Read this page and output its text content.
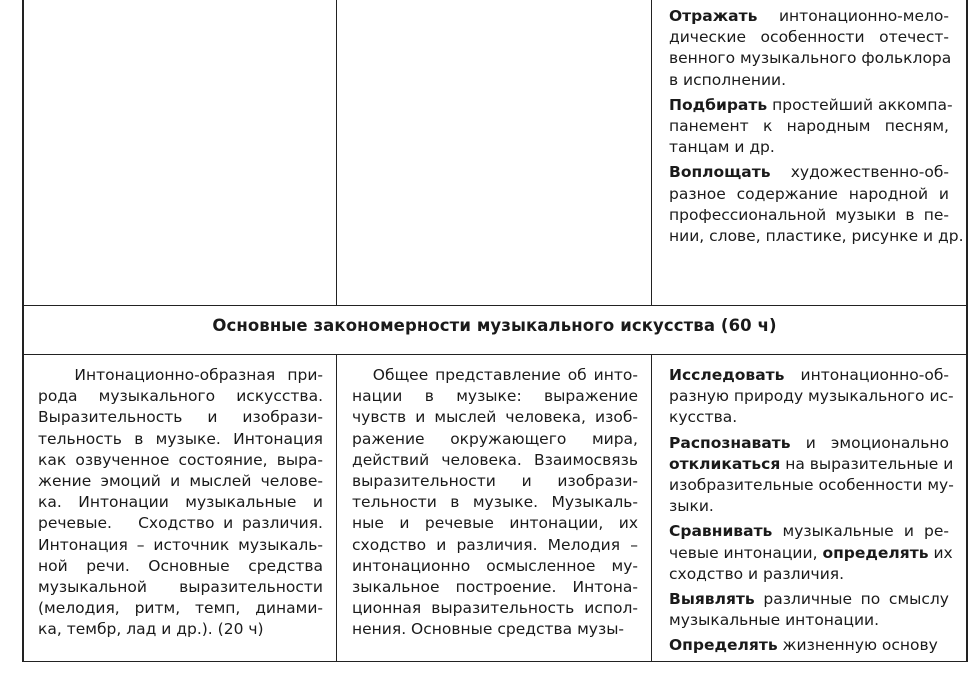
Отражать интонационно-мело-
дические особенности отечест-
венного музыкального фольклора
в исполнении.
Подбирать простейший аккомпа-
панемент к народным песням,
танцам и др.
Воплощать художественно-об-
разное содержание народной и
профессиональной музыки в пе-
нии, слове, пластике, рисунке и др.
Основные закономерности музыкального искусства (60 ч)
Интонационно-образная при-
рода музыкального искусства.
Выразительность и изобрази-
тельность в музыке. Интонация
как озвученное состояние, выра-
жение эмоций и мыслей челове-
ка. Интонации музыкальные и
речевые.   Сходство и различия.
Интонация – источник музыкаль-
ной речи. Основные средства
музыкальной выразительности
(мелодия, ритм, темп, динами-
ка, тембр, лад и др.). (20 ч)
Общее представление об инто-
нации в музыке: выражение
чувств и мыслей человека, изоб-
ражение окружающего мира,
действий человека. Взаимосвязь
выразительности и изобрази-
тельности в музыке. Музыкаль-
ные и речевые интонации, их
сходство и различия. Мелодия –
интонационно осмысленное му-
зыкальное построение. Интона-
ционная выразительность испол-
нения. Основные средства музы-
Исследовать интонационно-об-
разную природу музыкального ис-
кусства.
Распознавать и эмоционально
откликаться на выразительные и
изобразительные особенности му-
зыки.
Сравнивать музыкальные и ре-
чевые интонации, определять их
сходство и различия.
Выявлять различные по смыслу
музыкальные интонации.
Определять жизненную основу
